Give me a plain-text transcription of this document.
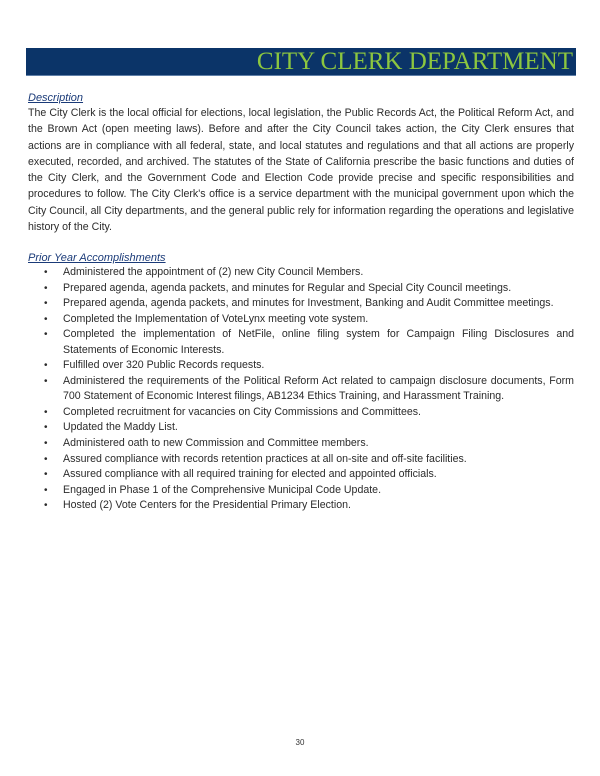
CITY CLERK DEPARTMENT
Description

The City Clerk is the local official for elections, local legislation, the Public Records Act, the Political Reform Act, and the Brown Act (open meeting laws). Before and after the City Council takes action, the City Clerk ensures that actions are in compliance with all federal, state, and local statutes and regulations and that all actions are properly executed, recorded, and archived. The statutes of the State of California prescribe the basic functions and duties of the City Clerk, and the Government Code and Election Code provide precise and specific responsibilities and procedures to follow. The City Clerk's office is a service department with the municipal government upon which the City Council, all City departments, and the general public rely for information regarding the operations and legislative history of the City.

Prior Year Accomplishments
• Administered the appointment of (2) new City Council Members.
• Prepared agenda, agenda packets, and minutes for Regular and Special City Council meetings.
• Prepared agenda, agenda packets, and minutes for Investment, Banking and Audit Committee meetings.
• Completed the Implementation of VoteLynx meeting vote system.
• Completed the implementation of NetFile, online filing system for Campaign Filing Disclosures and Statements of Economic Interests.
• Fulfilled over 320 Public Records requests.
• Administered the requirements of the Political Reform Act related to campaign disclosure documents, Form 700 Statement of Economic Interest filings, AB1234 Ethics Training, and Harassment Training.
• Completed recruitment for vacancies on City Commissions and Committees.
• Updated the Maddy List.
• Administered oath to new Commission and Committee members.
• Assured compliance with records retention practices at all on-site and off-site facilities.
• Assured compliance with all required training for elected and appointed officials.
• Engaged in Phase 1 of the Comprehensive Municipal Code Update.
• Hosted (2) Vote Centers for the Presidential Primary Election.
30
